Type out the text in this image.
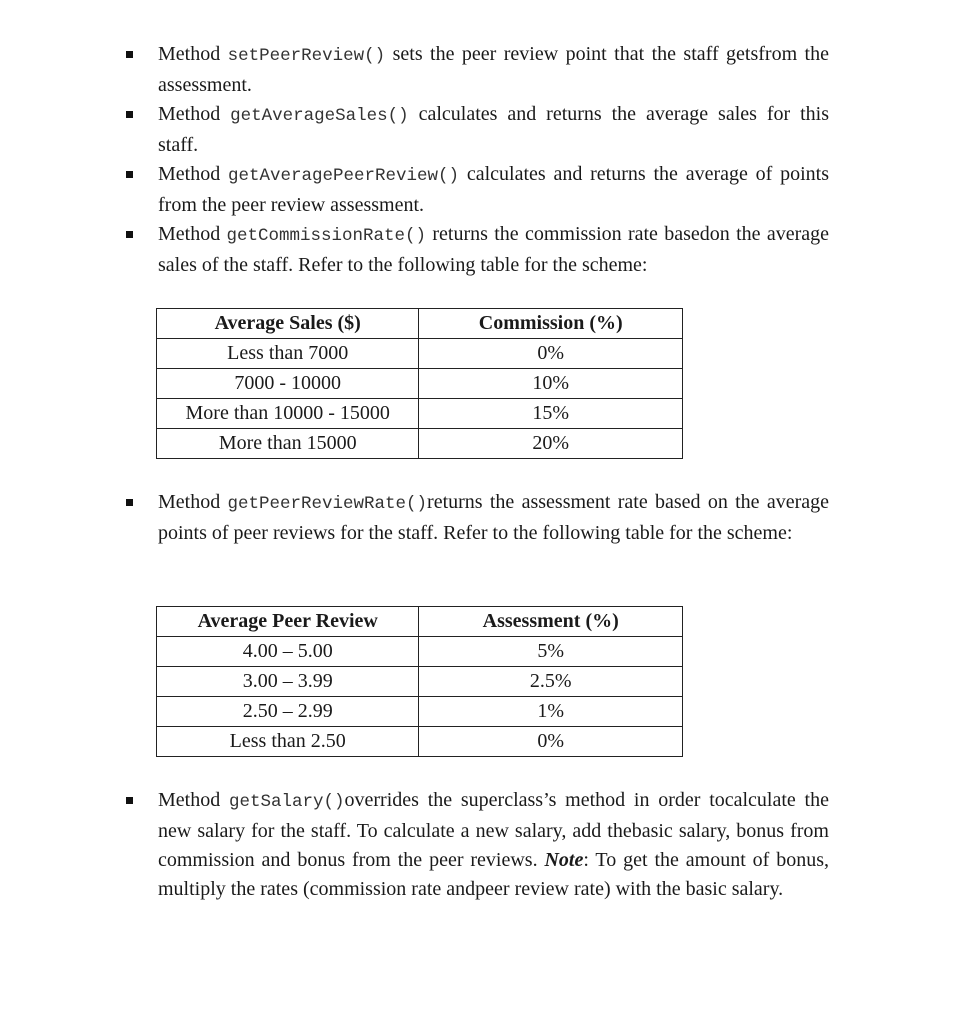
Method setPeerReview() sets the peer review point that the staff getsfrom the assessment.
Method getAverageSales() calculates and returns the average sales for this staff.
Method getAveragePeerReview() calculates and returns the average of points from the peer review assessment.
Method getCommissionRate() returns the commission rate basedon the average sales of the staff. Refer to the following table for the scheme:
Average Sales ($)	Commission (%)
Less than 7000	0%
7000 - 10000	10%
More than 10000 - 15000	15%
More than 15000	20%
Method getPeerReviewRate()returns the assessment rate based on the average points of peer reviews for the staff. Refer to the following table for the scheme:
Average Peer Review	Assessment (%)
4.00 – 5.00	5%
3.00 – 3.99	2.5%
2.50 – 2.99	1%
Less than 2.50	0%
Method getSalary()overrides the superclass’s method in order tocalculate the new salary for the staff. To calculate a new salary, add thebasic salary, bonus from commission and bonus from the peer reviews. Note: To get the amount of bonus, multiply the rates (commission rate andpeer review rate) with the basic salary.
